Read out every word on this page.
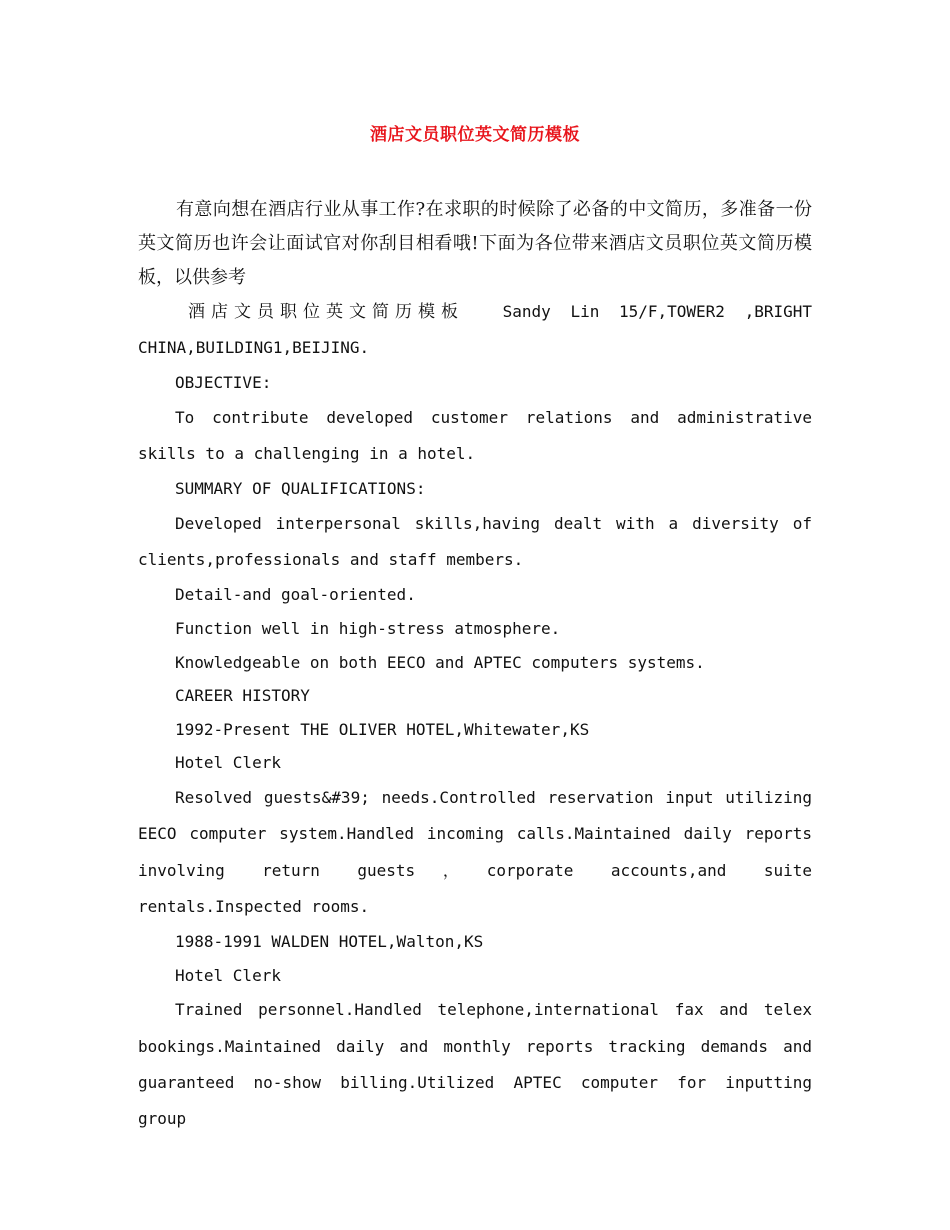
酒店文员职位英文简历模板
有意向想在酒店行业从事工作?在求职的时候除了必备的中文简历，多准备一份英文简历也许会让面试官对你刮目相看哦!下面为各位带来酒店文员职位英文简历模板，以供参考
酒店文员职位英文简历模板 Sandy Lin 15/F,TOWER2 ,BRIGHT
CHINA,BUILDING1,BEIJING.

OBJECTIVE:

To contribute developed customer relations and administrative skills to a challenging in a hotel.

SUMMARY OF QUALIFICATIONS:

Developed interpersonal skills,having dealt with a diversity of clients,professionals and staff members.

Detail-and goal-oriented.

Function well in high-stress atmosphere.

Knowledgeable on both EECO and APTEC computers systems.

CAREER HISTORY

1992-Present THE OLIVER HOTEL,Whitewater,KS

Hotel Clerk

Resolved guests&#39; needs.Controlled reservation input utilizing EECO computer system.Handled incoming calls.Maintained daily reports involving return guests，corporate accounts,and suite rentals.Inspected rooms.

1988-1991 WALDEN HOTEL,Walton,KS

Hotel Clerk

Trained personnel.Handled telephone,international fax and telex bookings.Maintained daily and monthly reports tracking demands and guaranteed no-show billing.Utilized APTEC computer for inputting group
